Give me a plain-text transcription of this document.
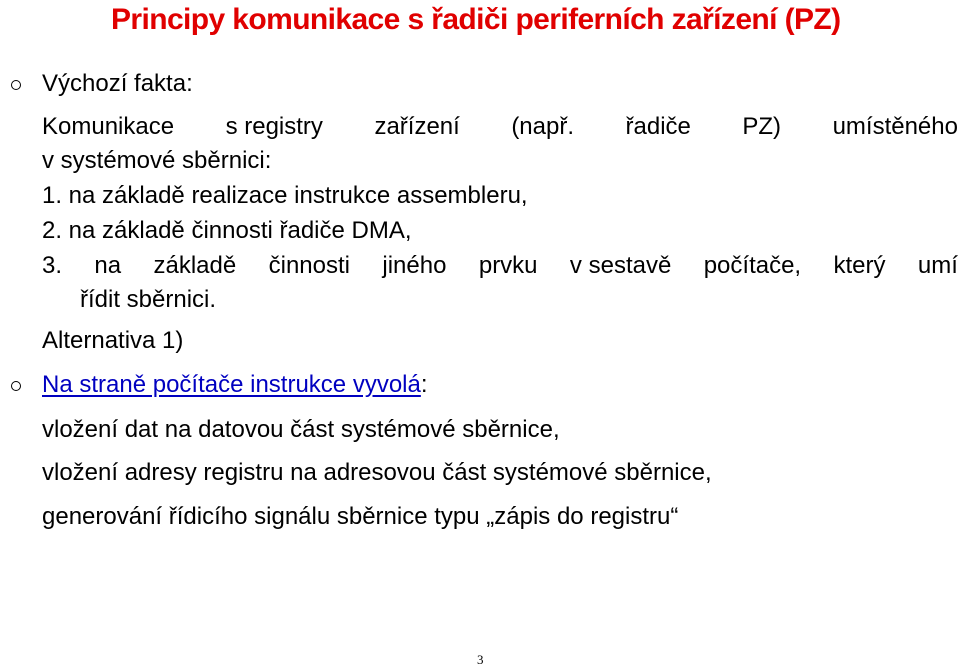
Principy komunikace s řadiči periferních zařízení (PZ)
Výchozí fakta:
Komunikace s registry zařízení (např. řadiče PZ) umístěného
v systémové sběrnici:
1. na základě realizace instrukce assembleru,
2. na základě činnosti řadiče DMA,
3. na základě činnosti jiného prvku v sestavě počítače, který umí
řídit sběrnici.
Alternativa 1)
Na straně počítače instrukce vyvolá:
vložení dat na datovou část systémové sběrnice,
vložení adresy registru na adresovou část systémové sběrnice,
generování řídicího signálu sběrnice typu „zápis do registru“
3
